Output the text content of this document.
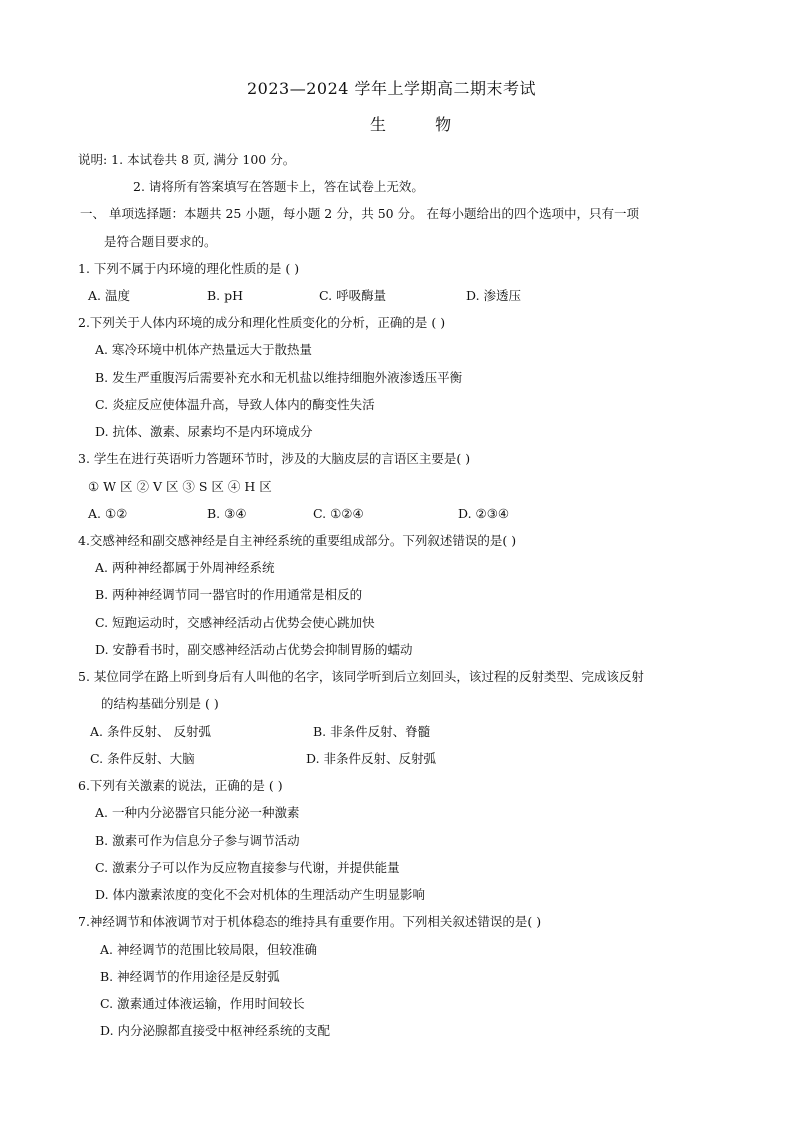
2023—2024 学年上学期高二期末考试
生 物
说明: 1. 本试卷共 8 页, 满分 100 分。
2. 请将所有答案填写在答题卡上，答在试卷上无效。
一、 单项选择题：本题共 25 小题，每小题 2 分，共 50 分。 在每小题给出的四个选项中，只有一项
是符合题目要求的。
1. 下列不属于内环境的理化性质的是 ( )
A. 温度	B. pH	C. 呼吸酶量	D. 渗透压
2.下列关于人体内环境的成分和理化性质变化的分析，正确的是 ( )
A. 寒冷环境中机体产热量远大于散热量
B. 发生严重腹泻后需要补充水和无机盐以维持细胞外液渗透压平衡
C. 炎症反应使体温升高，导致人体内的酶变性失活
D. 抗体、激素、尿素均不是内环境成分
3. 学生在进行英语听力答题环节时，涉及的大脑皮层的言语区主要是( )
① W 区 ② V 区 ③ S 区 ④ H 区
A. ①②	B. ③④	C. ①②④	D. ②③④
4.交感神经和副交感神经是自主神经系统的重要组成部分。下列叙述错误的是( )
A. 两种神经都属于外周神经系统
B. 两种神经调节同一器官时的作用通常是相反的
C. 短跑运动时，交感神经活动占优势会使心跳加快
D. 安静看书时，副交感神经活动占优势会抑制胃肠的蠕动
5. 某位同学在路上听到身后有人叫他的名字，该同学听到后立刻回头，该过程的反射类型、完成该反射
的结构基础分别是 ( )
A. 条件反射、 反射弧	B. 非条件反射、脊髓
C. 条件反射、大脑	D. 非条件反射、反射弧
6.下列有关激素的说法，正确的是 ( )
A. 一种内分泌器官只能分泌一种激素
B. 激素可作为信息分子参与调节活动
C. 激素分子可以作为反应物直接参与代谢，并提供能量
D. 体内激素浓度的变化不会对机体的生理活动产生明显影响
7.神经调节和体液调节对于机体稳态的维持具有重要作用。下列相关叙述错误的是( )
A. 神经调节的范围比较局限，但较准确
B. 神经调节的作用途径是反射弧
C. 激素通过体液运输，作用时间较长
D. 内分泌腺都直接受中枢神经系统的支配
